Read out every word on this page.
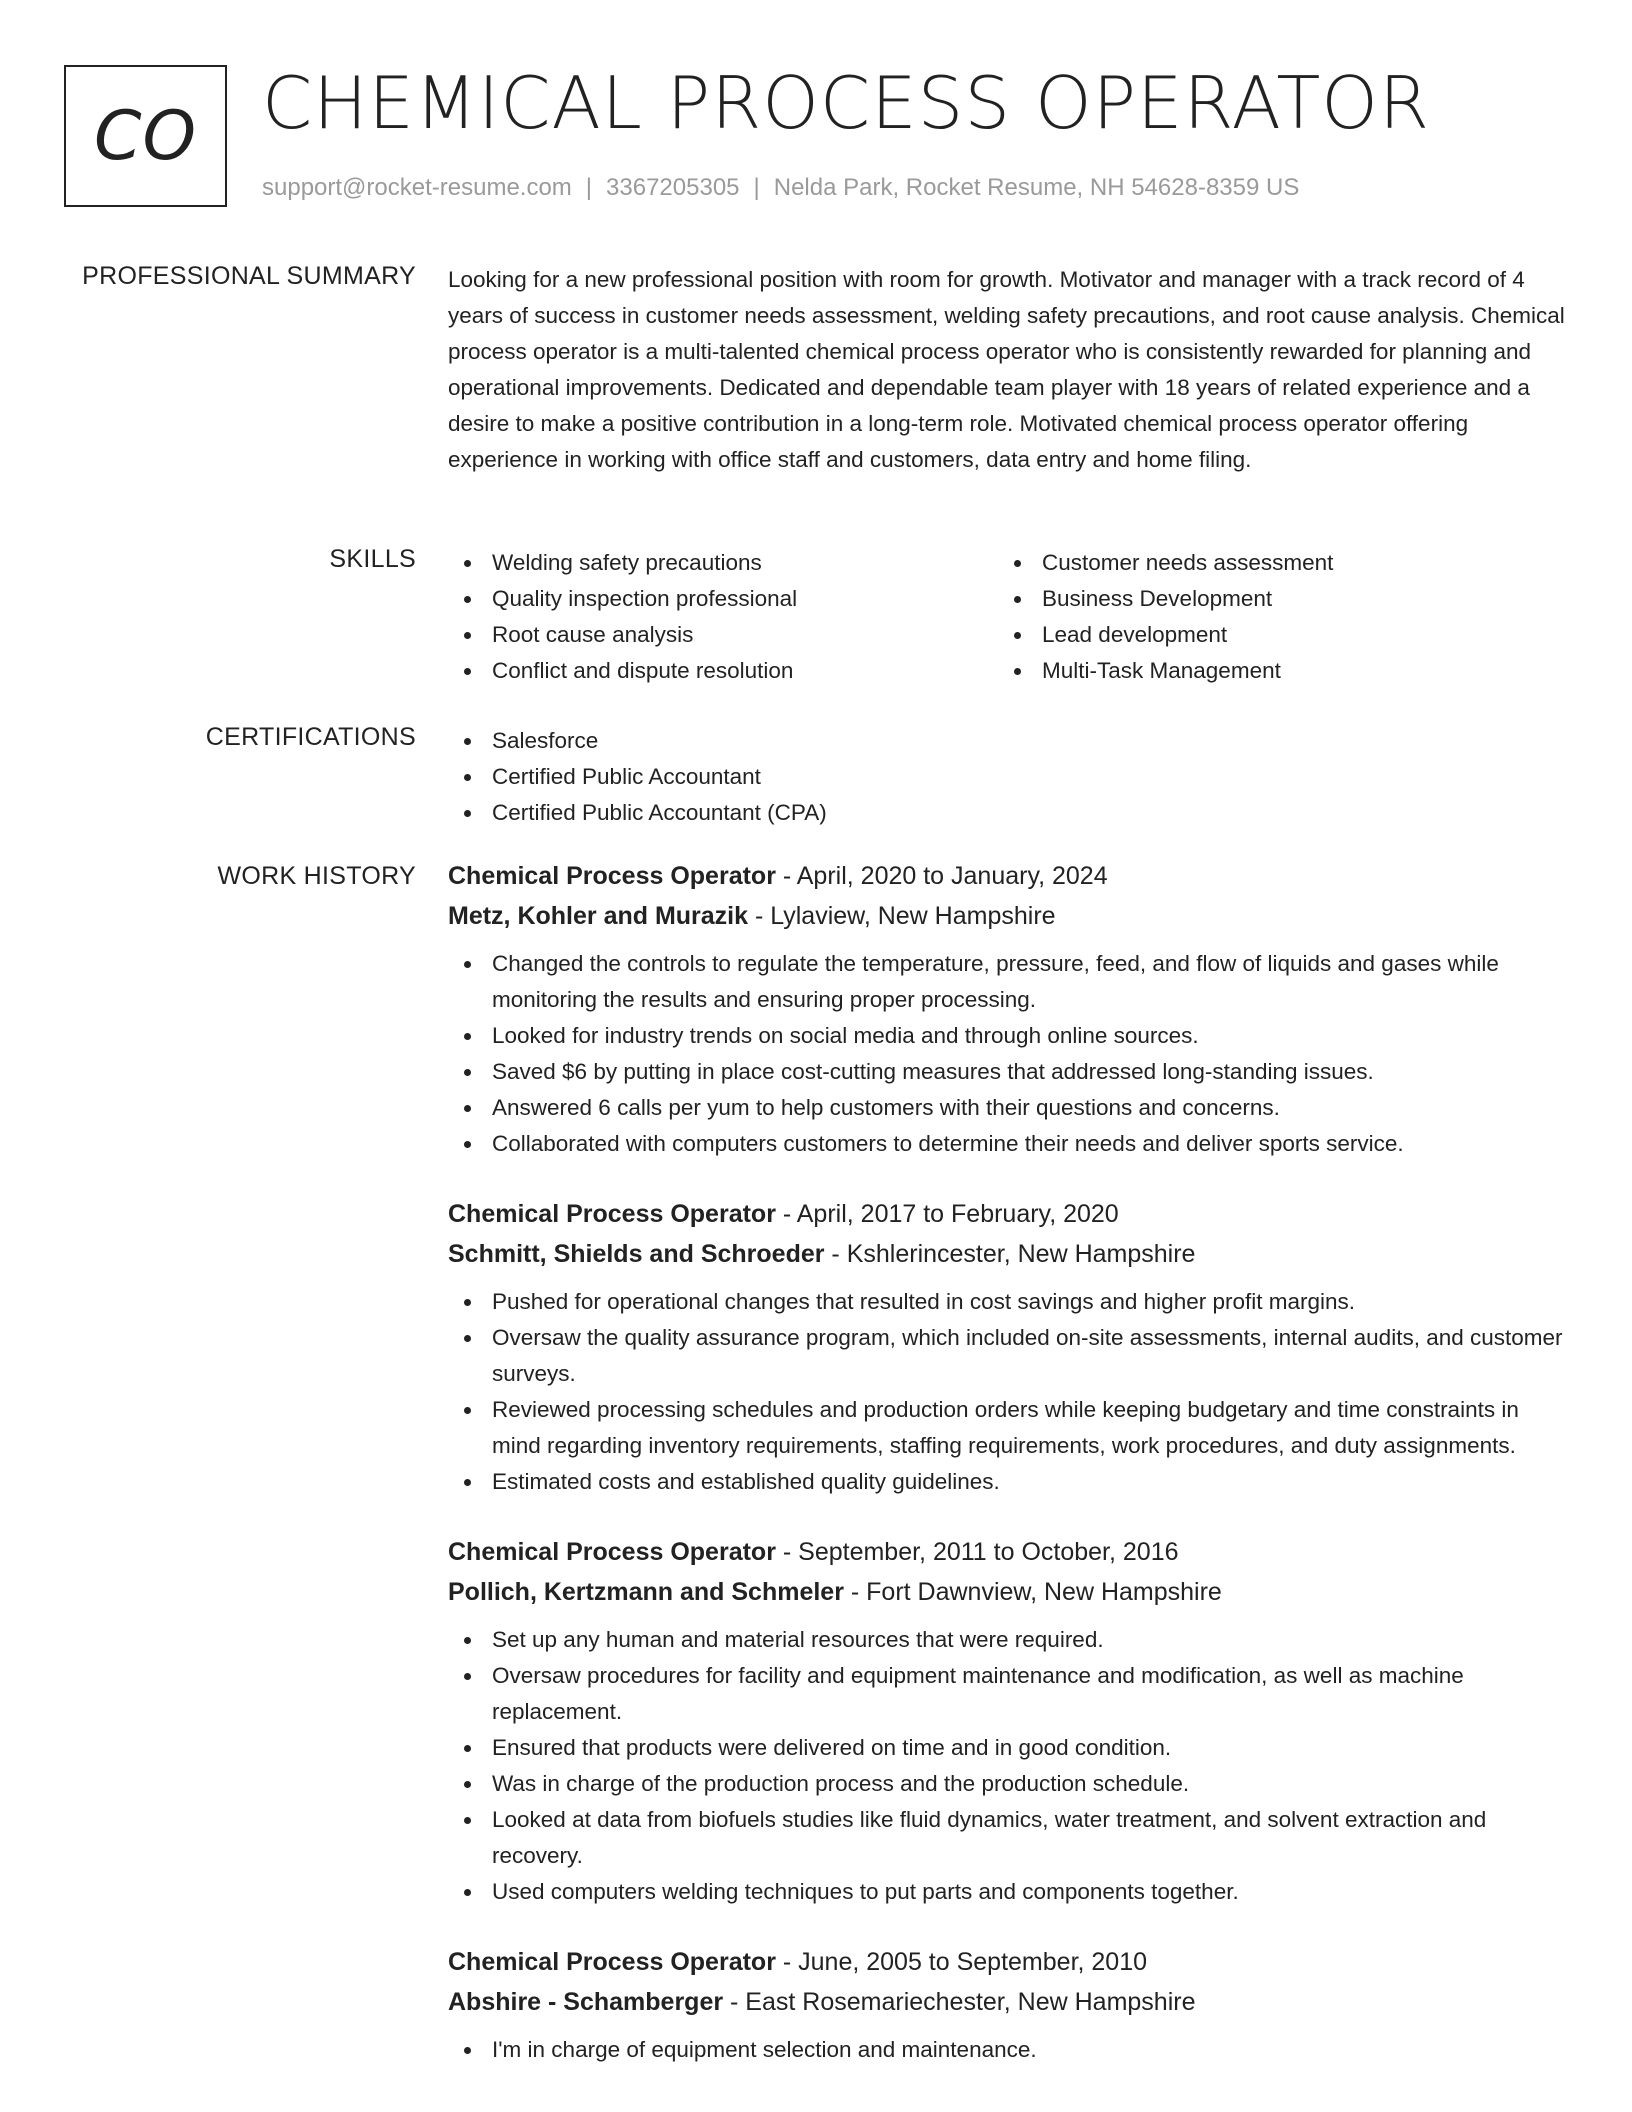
CO CHEMICAL PROCESS OPERATOR
support@rocket-resume.com | 3367205305 | Nelda Park, Rocket Resume, NH 54628-8359 US
PROFESSIONAL SUMMARY Looking for a new professional position with room for growth. Motivator and manager with a track record of 4 years of success in customer needs assessment, welding safety precautions, and root cause analysis. Chemical process operator is a multi-talented chemical process operator who is consistently rewarded for planning and operational improvements. Dedicated and dependable team player with 18 years of related experience and a desire to make a positive contribution in a long-term role. Motivated chemical process operator offering experience in working with office staff and customers, data entry and home filing.

SKILLS	Welding safety precautions
Quality inspection professional
Root cause analysis
Conflict and dispute resolution
Customer needs assessment
Business Development
Lead development
Multi-Task Management
CERTIFICATIONS	Salesforce
Certified Public Accountant
Certified Public Accountant (CPA)
WORK HISTORY Chemical Process Operator - April, 2020 to January, 2024
Metz, Kohler and Murazik - Lylaview, New Hampshire
Changed the controls to regulate the temperature, pressure, feed, and flow of liquids and gases while monitoring the results and ensuring proper processing.
Looked for industry trends on social media and through online sources.
Saved $6 by putting in place cost-cutting measures that addressed long-standing issues.
Answered 6 calls per yum to help customers with their questions and concerns.
Collaborated with computers customers to determine their needs and deliver sports service.
Chemical Process Operator - April, 2017 to February, 2020
Schmitt, Shields and Schroeder - Kshlerincester, New Hampshire
Pushed for operational changes that resulted in cost savings and higher profit margins.
Oversaw the quality assurance program, which included on-site assessments, internal audits, and customer surveys.
Reviewed processing schedules and production orders while keeping budgetary and time constraints in mind regarding inventory requirements, staffing requirements, work procedures, and duty assignments.
Estimated costs and established quality guidelines.
Chemical Process Operator - September, 2011 to October, 2016
Pollich, Kertzmann and Schmeler - Fort Dawnview, New Hampshire
Set up any human and material resources that were required.
Oversaw procedures for facility and equipment maintenance and modification, as well as machine replacement.
Ensured that products were delivered on time and in good condition.
Was in charge of the production process and the production schedule.
Looked at data from biofuels studies like fluid dynamics, water treatment, and solvent extraction and recovery.
Used computers welding techniques to put parts and components together.
Chemical Process Operator - June, 2005 to September, 2010
Abshire - Schamberger - East Rosemariechester, New Hampshire
I'm in charge of equipment selection and maintenance.
